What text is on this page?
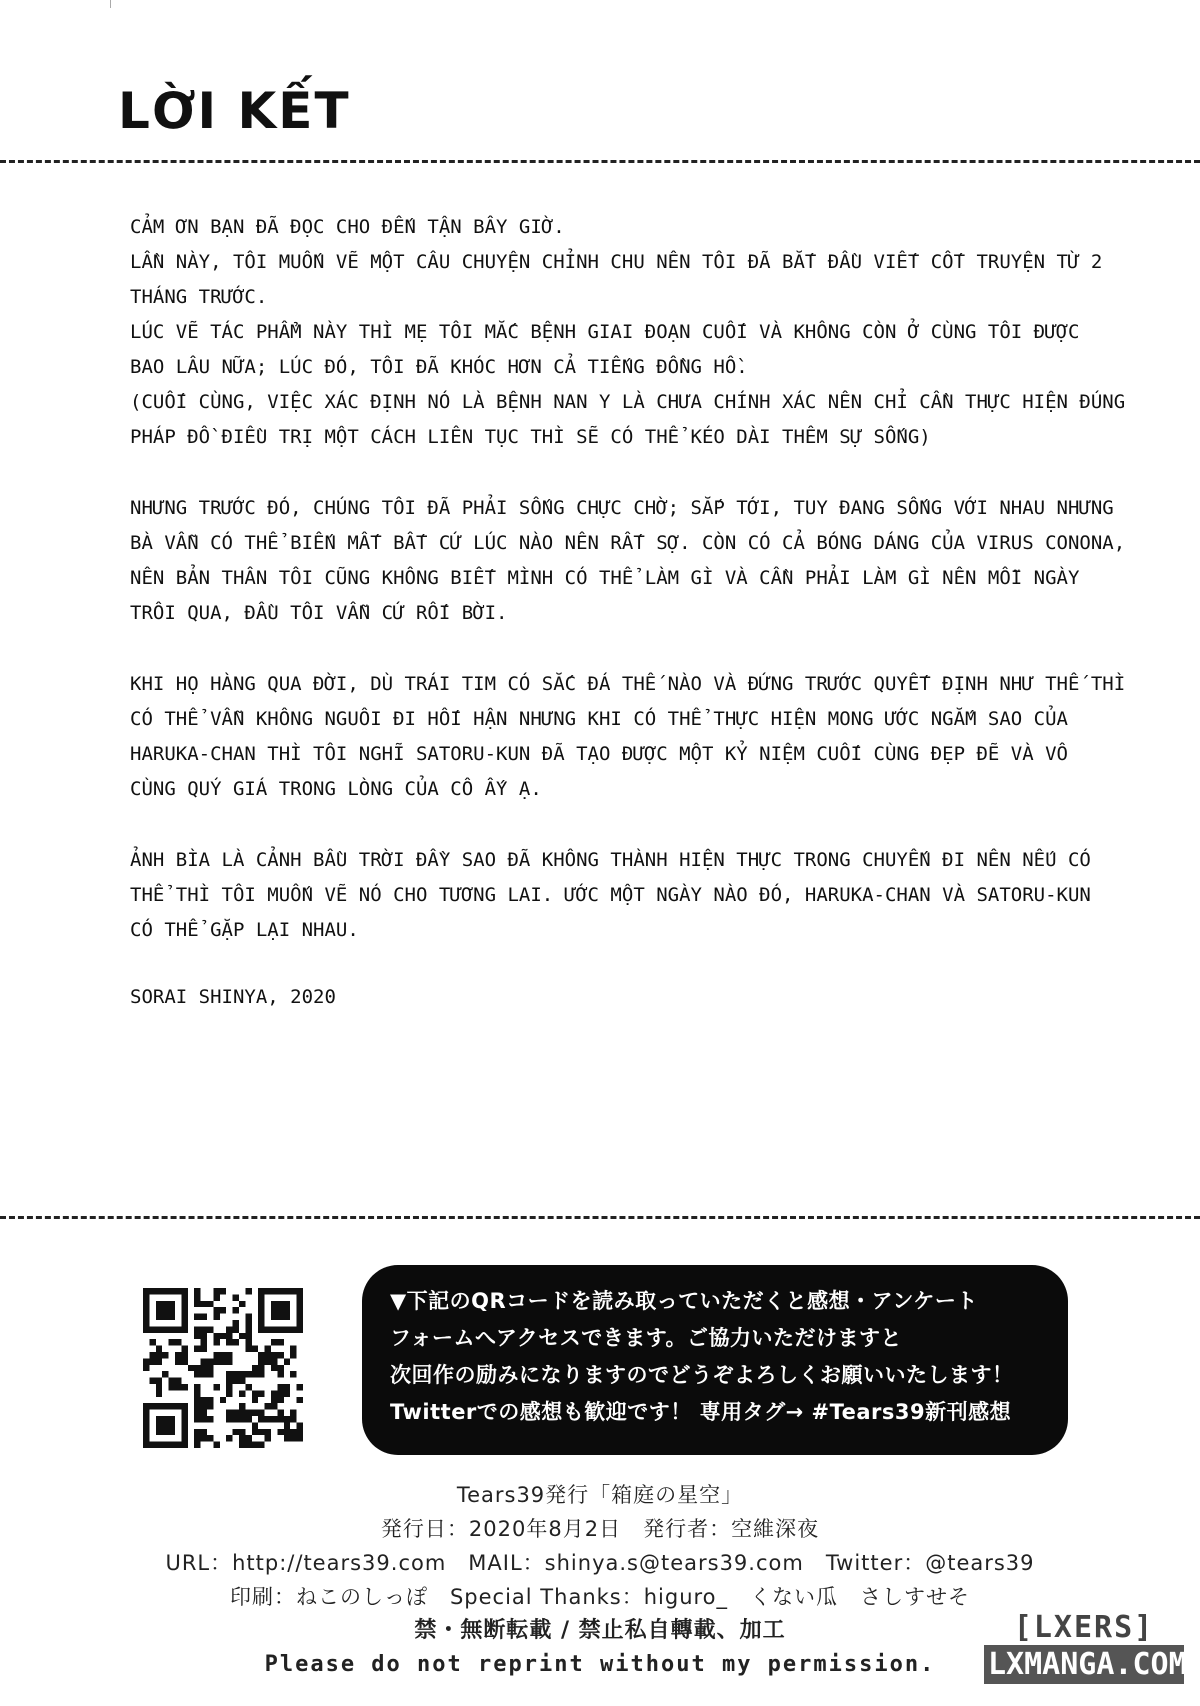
LỜI KẾT
CẢM ƠN BẠN ĐÃ ĐỌC CHO ĐẾN TẬN BÂY GIỜ.
LẦN NÀY, TÔI MUỐN VẼ MỘT CÂU CHUYỆN CHỈNH CHU NÊN TÔI ĐÃ BẮT ĐẦU VIẾT CỐT TRUYỆN TỪ 2
THÁNG TRƯỚC.
LÚC VẼ TÁC PHẨM NÀY THÌ MẸ TÔI MẮC BỆNH GIAI ĐOẠN CUỐI VÀ KHÔNG CÒN Ở CÙNG TÔI ĐƯỢC
BAO LÂU NỮA; LÚC ĐÓ, TÔI ĐÃ KHÓC HƠN CẢ TIẾNG ĐỒNG HỒ.
(CUỐI CÙNG, VIỆC XÁC ĐỊNH NÓ LÀ BỆNH NAN Y LÀ CHƯA CHÍNH XÁC NÊN CHỈ CẦN THỰC HIỆN ĐÚNG
PHÁP ĐỒ ĐIỀU TRỊ MỘT CÁCH LIÊN TỤC THÌ SẼ CÓ THỂ KÉO DÀI THÊM SỰ SỐNG)
NHƯNG TRƯỚC ĐÓ, CHÚNG TÔI ĐÃ PHẢI SỐNG CHỰC CHỜ; SẮP TỚI, TUY ĐANG SỐNG VỚI NHAU NHƯNG
BÀ VẪN CÓ THỂ BIẾN MẤT BẤT CỨ LÚC NÀO NÊN RẤT SỢ. CÒN CÓ CẢ BÓNG DÁNG CỦA VIRUS CONONA,
NÊN BẢN THÂN TÔI CŨNG KHÔNG BIẾT MÌNH CÓ THỂ LÀM GÌ VÀ CẦN PHẢI LÀM GÌ NÊN MỖI NGÀY
TRÔI QUA, ĐẦU TÔI VẪN CỨ RỐI BỜI.
KHI HỌ HÀNG QUA ĐỜI, DÙ TRÁI TIM CÓ SẮC ĐÁ THẾ NÀO VÀ ĐỨNG TRƯỚC QUYẾT ĐỊNH NHƯ THẾ THÌ
CÓ THỂ VẪN KHÔNG NGUÔI ĐI HỐI HẬN NHƯNG KHI CÓ THỂ THỰC HIỆN MONG ƯỚC NGẮM SAO CỦA
HARUKA-CHAN THÌ TÔI NGHĨ SATORU-KUN ĐÃ TẠO ĐƯỢC MỘT KỶ NIỆM CUỐI CÙNG ĐẸP ĐẼ VÀ VÔ
CÙNG QUÝ GIÁ TRONG LÒNG CỦA CÔ ẤY Ạ.
ẢNH BÌA LÀ CẢNH BẦU TRỜI ĐẦY SAO ĐÃ KHÔNG THÀNH HIỆN THỰC TRONG CHUYẾN ĐI NÊN NẾU CÓ
THỂ THÌ TÔI MUỐN VẼ NÓ CHO TƯƠNG LAI. ƯỚC MỘT NGÀY NÀO ĐÓ, HARUKA-CHAN VÀ SATORU-KUN
CÓ THỂ GẶP LẠI NHAU.
SORAI SHINYA, 2020
▼下記のQRコードを読み取っていただくと感想・アンケート
フォームへアクセスできます。ご協力いただけますと
次回作の励みになりますのでどうぞよろしくお願いいたします！
Twitterでの感想も歓迎です！ 専用タグ→ #Tears39新刊感想
Tears39発行「箱庭の星空」
発行日：2020年8月2日　発行者：空維深夜
URL：http://tears39.com　MAIL：shinya.s@tears39.com　Twitter：@tears39
印刷：ねこのしっぽ　Special Thanks：higuro_　くない瓜　さしすせそ
禁・無断転載 / 禁止私自轉載、加工
Please do not reprint without my permission.
[LXERS]
LXMANGA.COM
